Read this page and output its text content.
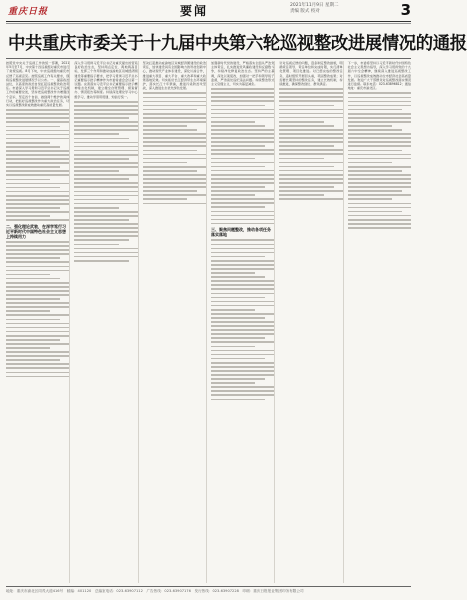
重庆日报	要闻	2021年11月9日 星期二
责编 版式 校对	3
中共重庆市委关于十九届中央第六轮巡视整改进展情况的通报
按照党中央关于巡视工作的统一部署，2021年5月至7月，中央第十四巡视组对重庆市进行了常规巡视。8月下旬，中央巡视组向重庆市反馈了巡视意见。按照巡视工作有关要求，现将巡视整改进展情况予以公布。一、提高政治站位，以高度的政治自觉扛起巡视整改政治责任。市委深入学习贯彻习近平总书记关于巡视工作的重要论述，坚持把巡视整改作为增强四个意识、坚定四个自信、做到两个维护的具体行动，把抓好巡视整改作为重大政治任务，切实以巡视整改新成效推动重庆高质量发展。
二、强化理论武装，在深学笃行习近平新时代中国特色社会主义思想上持续用力
深入学习贯彻习近平总书记对重庆提出的营造良好政治生态，坚持两点定位、两地两高目标，发挥三个作用和推动成渝地区双城经济圈建设等重要指示要求，把学习贯彻习近平总书记重要指示批示精神作为市委常委会会议第一议题。完善落实习近平总书记重要指示批示精神常态化机制，建立健全台账管理、督查督办、情况报告等制度。持续深化理论学习中心组学习，推动学思用贯通、知信行统一。
坚决扛起推动成渝地区双城经济圈建设的政治责任，加快建设具有全国影响力的科技创新中心，推动现代产业体系建设，深化川渝合作，推进重大项目、重大平台、重大改革和重大政策落地见效。切实抓好长江经济带生态环境保护，落实长江十年禁渔，推进污染防治攻坚战，深入推进生态优先绿色发展。
加强新时代党的建设，严格落实全面从严治党主体责任，扎实推进党风廉政建设和反腐败斗争，持续净化修复政治生态。坚持严的主基调，深化以案促改，加强对一把手和领导班子监督，严肃查处违纪违法问题。持续整治形式主义官僚主义，切实为基层减负。
三、聚焦问题整改，推动各项任务落实落地
针对巡视反馈的问题，逐条制定整改措施，明确责任领导、责任单位和完成时限，实行清单化管理、项目化推进。对已经完成的整改任务，适时组织开展回头看，巩固整改成果；对需要长期坚持的整改任务，建立长效机制，持续推进，确保整改到位、群众满意。
下一步，市委将坚持以习近平新时代中国特色社会主义思想为指导，深入学习贯彻党的十九届六中全会精神，继续深入推进巡视整改工作，以巡视整改成效推动全市经济社会高质量发展。欢迎广大干部群众对巡视整改落实情况进行监督。联系电话：023-63896812；通信地址：重庆市渝北区。
地址：重庆市渝北区同茂大道416号　邮编：401120　总编室电话：023-63907112　广告热线：023-63907176　发行热线：023-63907228　印刷：重庆日报报业集团印务有限公司
